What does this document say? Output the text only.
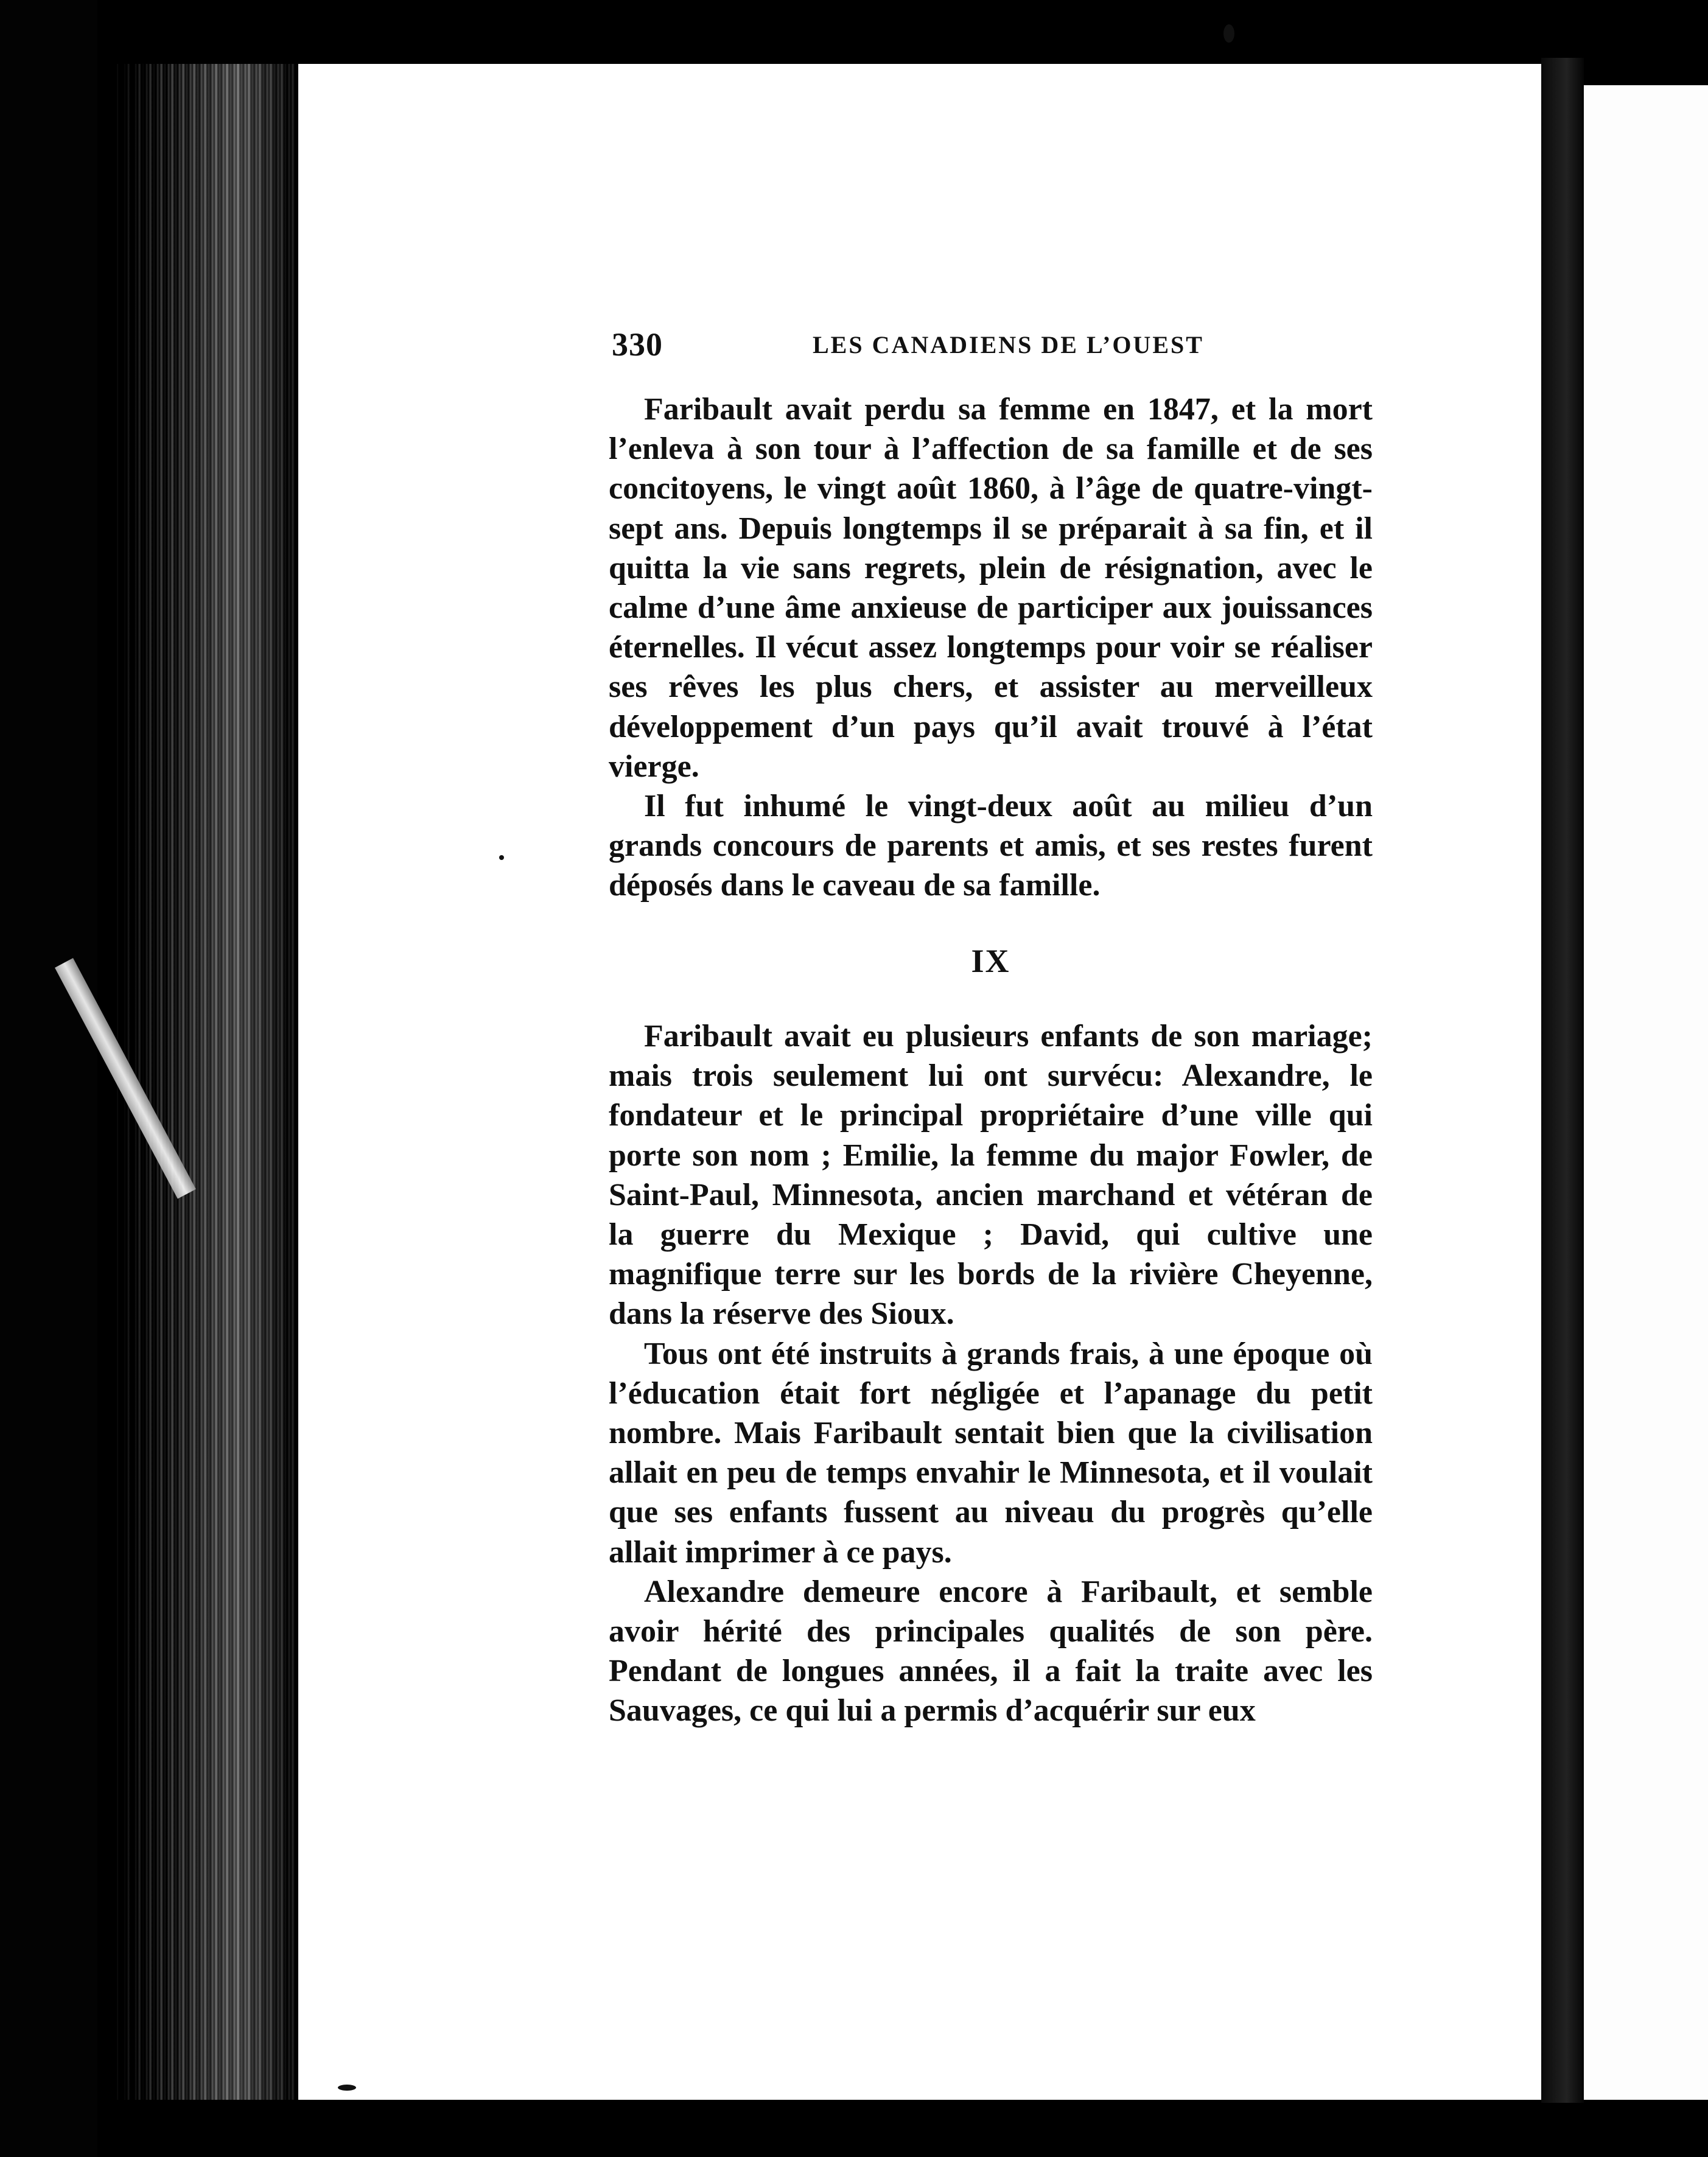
330	LES CANADIENS DE L’OUEST

Faribault avait perdu sa femme en 1847, et la mort l’enleva à son tour à l’affection de sa famille et de ses concitoyens, le vingt août 1860, à l’âge de quatre-vingt-sept ans. Depuis longtemps il se préparait à sa fin, et il quitta la vie sans regrets, plein de résignation, avec le calme d’une âme anxieuse de participer aux jouissances éternelles. Il vécut assez longtemps pour voir se réaliser ses rêves les plus chers, et assister au merveilleux développement d’un pays qu’il avait trouvé à l’état vierge.

Il fut inhumé le vingt-deux août au milieu d’un grands concours de parents et amis, et ses restes furent déposés dans le caveau de sa famille.

IX

Faribault avait eu plusieurs enfants de son mariage; mais trois seulement lui ont survécu: Alexandre, le fondateur et le principal propriétaire d’une ville qui porte son nom ; Emilie, la femme du major Fowler, de Saint-Paul, Minnesota, ancien marchand et vétéran de la guerre du Mexique ; David, qui cultive une magnifique terre sur les bords de la rivière Cheyenne, dans la réserve des Sioux.

Tous ont été instruits à grands frais, à une époque où l’éducation était fort négligée et l’apanage du petit nombre. Mais Faribault sentait bien que la civilisation allait en peu de temps envahir le Minnesota, et il voulait que ses enfants fussent au niveau du progrès qu’elle allait imprimer à ce pays.

Alexandre demeure encore à Faribault, et semble avoir hérité des principales qualités de son père. Pendant de longues années, il a fait la traite avec les Sauvages, ce qui lui a permis d’acquérir sur eux
